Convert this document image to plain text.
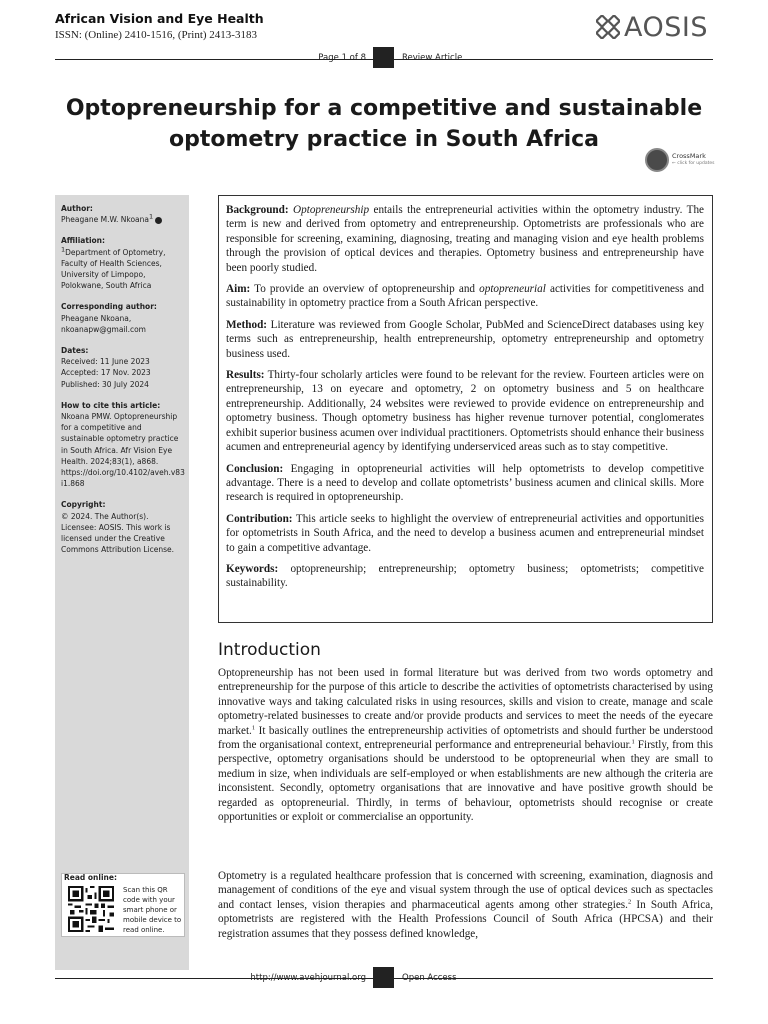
African Vision and Eye Health
ISSN: (Online) 2410-1516, (Print) 2413-3183	AOSIS
Page 1 of 8	Review Article
Optopreneurship for a competitive and sustainable
optometry practice in South Africa
CrossMark
← click for updates
Author:
Pheagane M.W. Nkoana$^1$
Affiliation:
$^1$Department of Optometry, Faculty of Health Sciences, University of Limpopo, Polokwane, South Africa
Corresponding author:
Pheagane Nkoana,
nkoanapw@gmail.com
Dates:
Received: 11 June 2023
Accepted: 17 Nov. 2023
Published: 30 July 2024
How to cite this article:
Nkoana PMW. Optopreneurship for a competitive and sustainable optometry practice in South Africa. Afr Vision Eye Health. 2024;83(1), a868. https://doi.org/10.4102/aveh.v83i1.868
Copyright:
© 2024. The Author(s). Licensee: AOSIS. This work is licensed under the Creative Commons Attribution License.
Read online:
Scan this QR code with your smart phone or mobile device to read online.

Background: Optopreneurship entails the entrepreneurial activities within the optometry industry. The term is new and derived from optometry and entrepreneurship. Optometrists are professionals who are responsible for screening, examining, diagnosing, treating and managing vision and eye health problems through the provision of optical devices and therapies. Optometry business and entrepreneurship have been poorly studied.

Aim: To provide an overview of optopreneurship and optopreneurial activities for competitiveness and sustainability in optometry practice from a South African perspective.

Method: Literature was reviewed from Google Scholar, PubMed and ScienceDirect databases using key terms such as entrepreneurship, health entrepreneurship, optometry entrepreneurship and optometry business used.

Results: Thirty-four scholarly articles were found to be relevant for the review. Fourteen articles were on entrepreneurship, 13 on eyecare and optometry, 2 on optometry business and 5 on healthcare entrepreneurship. Additionally, 24 websites were reviewed to provide evidence on entrepreneurship and optometry business. Though optometry business has higher revenue turnover potential, conglomerates exhibit superior business acumen over individual practitioners. Optometrists should enhance their business acumen and entrepreneurial agency by identifying underserviced areas such as to stay competitive.

Conclusion: Engaging in optopreneurial activities will help optometrists to develop competitive advantage. There is a need to develop and collate optometrists’ business acumen and clinical skills. More research is required in optopreneurship.

Contribution: This article seeks to highlight the overview of entrepreneurial activities and opportunities for optometrists in South Africa, and the need to develop a business acumen and entrepreneurial mindset to gain a competitive advantage.

Keywords: optopreneurship; entrepreneurship; optometry business; optometrists; competitive sustainability.

Introduction
Optopreneurship has not been used in formal literature but was derived from two words optometry and entrepreneurship for the purpose of this article to describe the activities of optometrists characterised by using innovative ways and taking calculated risks in using resources, skills and vision to create, manage and scale optometry-related businesses to create and/or provide products and services to meet the needs of the eyecare market.$^1$ It basically outlines the entrepreneurship activities of optometrists and should further be understood from the organisational context, entrepreneurial performance and entrepreneurial behaviour.$^1$ Firstly, from this perspective, optometry organisations should be understood to be optopreneurial when they are small to medium in size, when individuals are self-employed or when establishments are new although the criteria are inconsistent. Secondly, optometry organisations that are innovative and have positive growth should be regarded as optopreneurial. Thirdly, in terms of behaviour, optometrists should recognise or create opportunities or exploit or commercialise an opportunity.
Optometry is a regulated healthcare profession that is concerned with screening, examination, diagnosis and management of conditions of the eye and visual system through the use of optical devices such as spectacles and contact lenses, vision therapies and pharmaceutical agents among other strategies.$^2$ In South Africa, optometrists are registered with the Health Professions Council of South Africa (HPCSA) and their registration assumes that they possess defined knowledge,
http://www.avehjournal.org	Open Access
